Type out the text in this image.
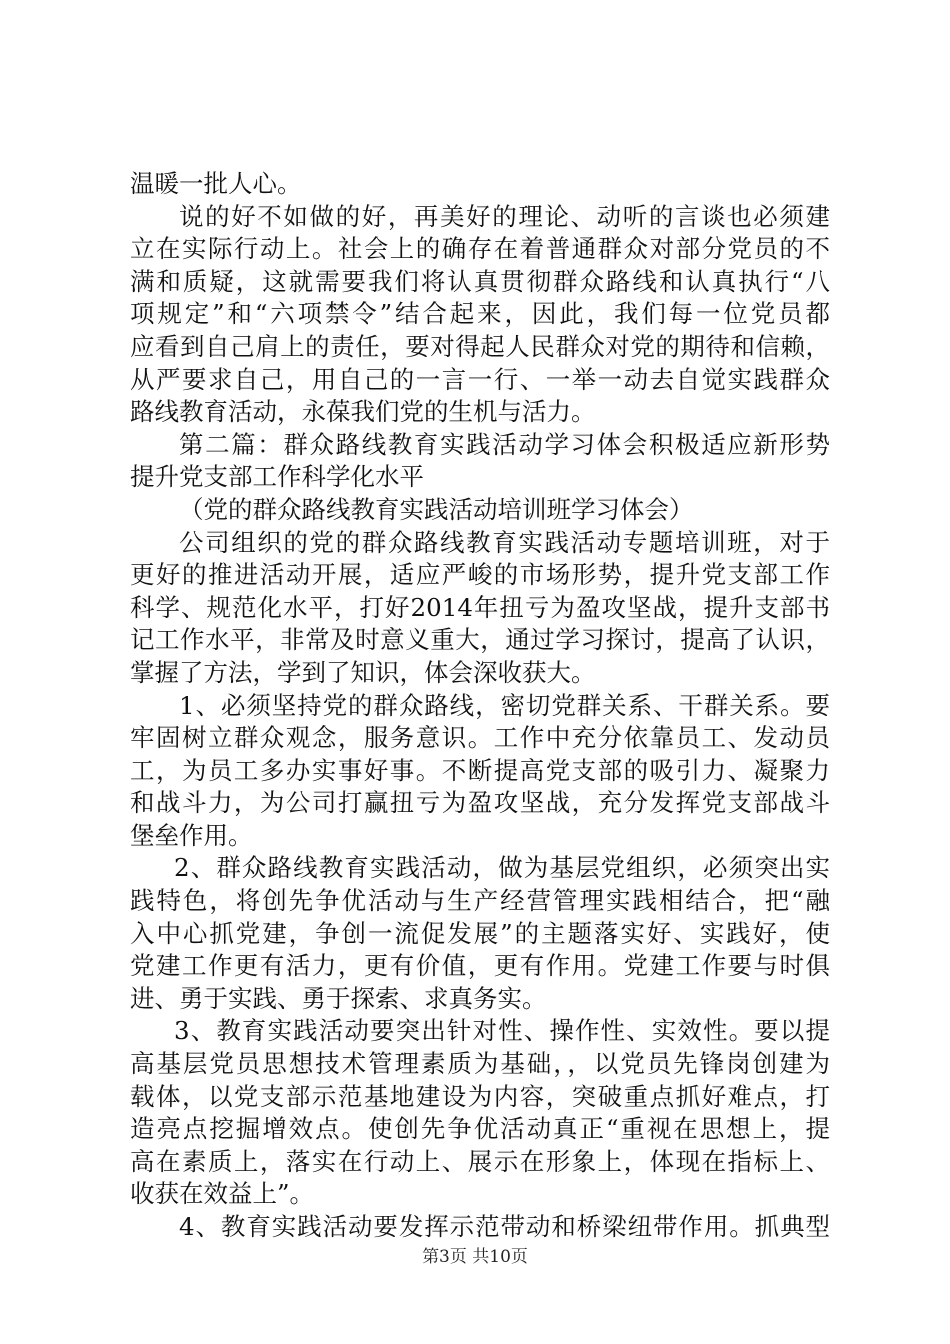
温暖一批人心。
说的好不如做的好，再美好的理论、动听的言谈也必须建
立在实际行动上。社会上的确存在着普通群众对部分党员的不
满和质疑，这就需要我们将认真贯彻群众路线和认真执行“八
项规定”和“六项禁令”结合起来，因此，我们每一位党员都
应看到自己肩上的责任，要对得起人民群众对党的期待和信赖，
从严要求自己，用自己的一言一行、一举一动去自觉实践群众
路线教育活动，永葆我们党的生机与活力。
第二篇：群众路线教育实践活动学习体会积极适应新形势
提升党支部工作科学化水平
（党的群众路线教育实践活动培训班学习体会）
公司组织的党的群众路线教育实践活动专题培训班，对于
更好的推进活动开展，适应严峻的市场形势，提升党支部工作
科学、规范化水平，打好2014年扭亏为盈攻坚战，提升支部书
记工作水平，非常及时意义重大，通过学习探讨，提高了认识，
掌握了方法，学到了知识，体会深收获大。
1、必须坚持党的群众路线，密切党群关系、干群关系。要
牢固树立群众观念，服务意识。工作中充分依靠员工、发动员
工，为员工多办实事好事。不断提高党支部的吸引力、凝聚力
和战斗力，为公司打赢扭亏为盈攻坚战，充分发挥党支部战斗
堡垒作用。
2、群众路线教育实践活动，做为基层党组织，必须突出实
践特色，将创先争优活动与生产经营管理实践相结合，把“融
入中心抓党建，争创一流促发展”的主题落实好、实践好，使
党建工作更有活力，更有价值，更有作用。党建工作要与时俱
进、勇于实践、勇于探索、求真务实。
3、教育实践活动要突出针对性、操作性、实效性。要以提
高基层党员思想技术管理素质为基础，，以党员先锋岗创建为
载体，以党支部示范基地建设为内容，突破重点抓好难点，打
造亮点挖掘增效点。使创先争优活动真正“重视在思想上，提
高在素质上，落实在行动上、展示在形象上，体现在指标上、
收获在效益上”。
4、教育实践活动要发挥示范带动和桥梁纽带作用。抓典型
第3页 共10页
